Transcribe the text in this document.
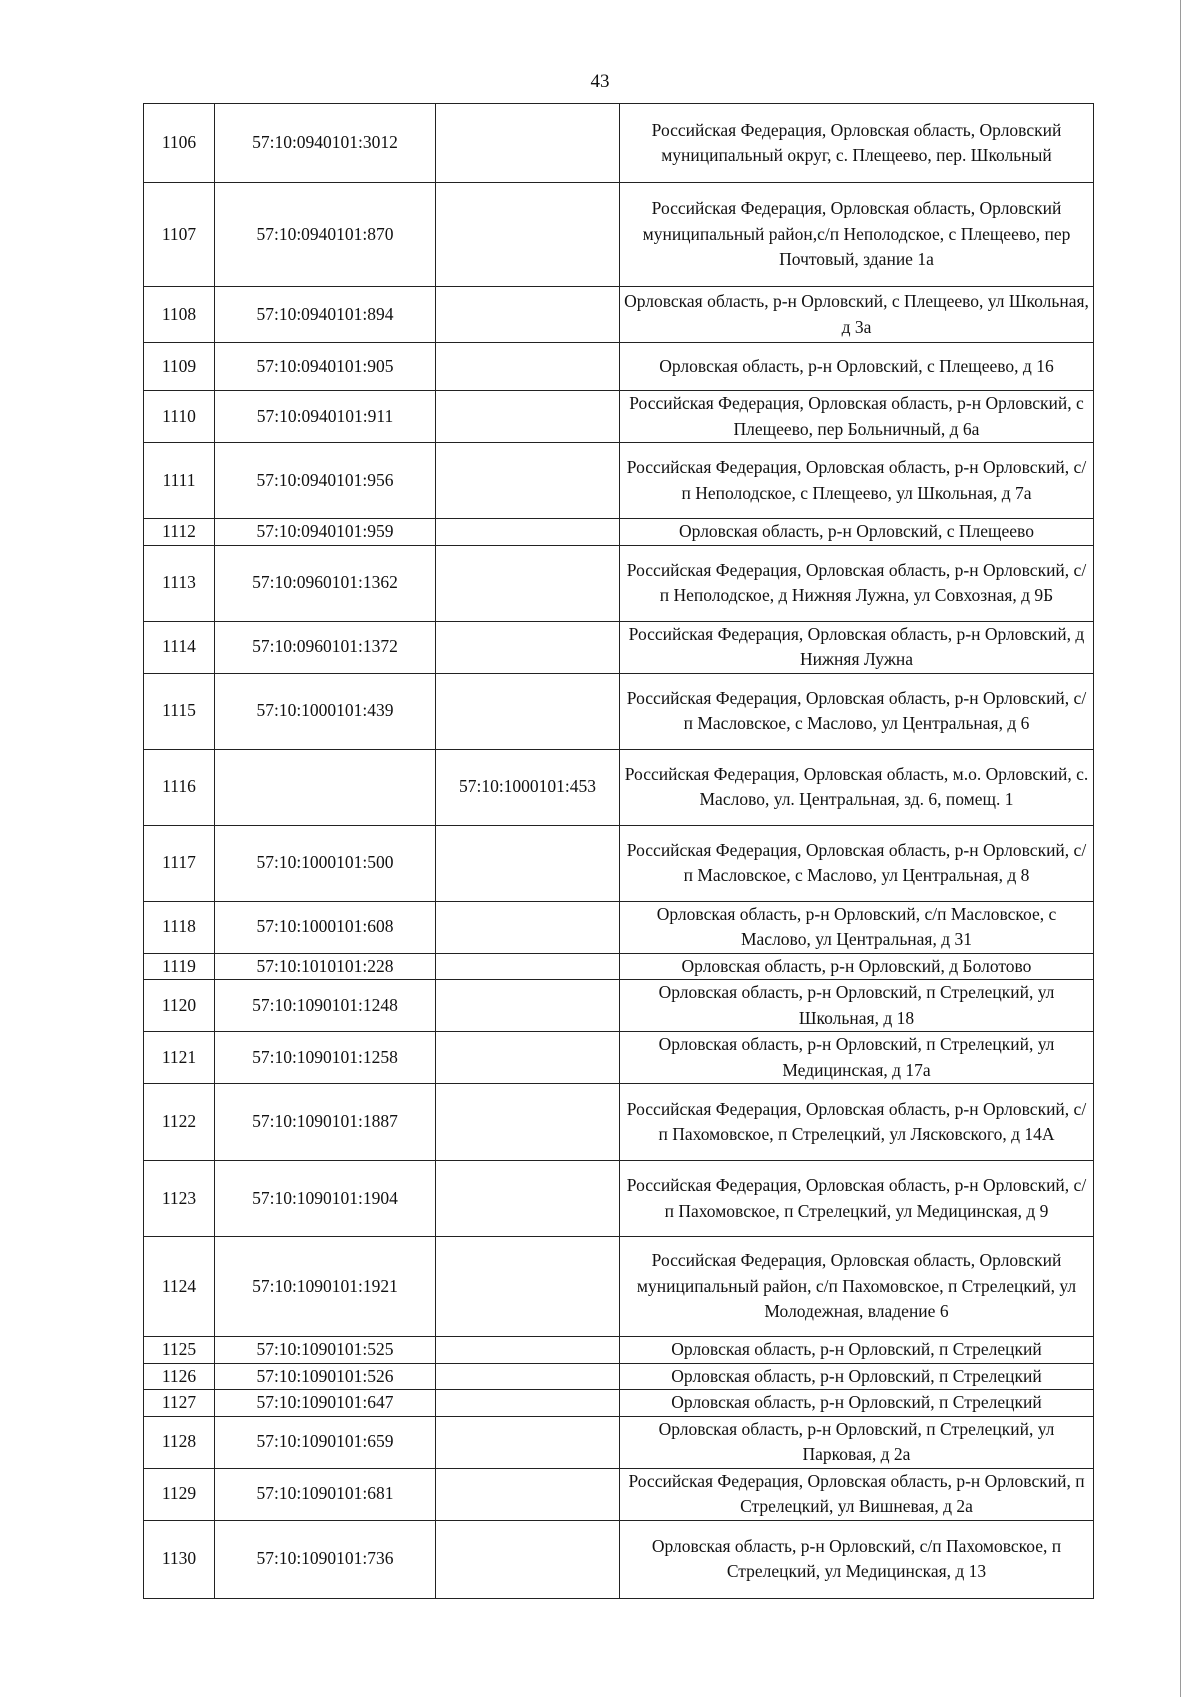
43
1106	57:10:0940101:3012		Российская Федерация, Орловская область, Орловский муниципальный округ, с. Плещеево, пер. Школьный
1107	57:10:0940101:870		Российская Федерация, Орловская область, Орловский муниципальный район,с/п Неполодское, с Плещеево, пер Почтовый, здание 1а
1108	57:10:0940101:894		Орловская область, р-н Орловский, с Плещеево, ул Школьная, д 3а
1109	57:10:0940101:905		Орловская область, р-н Орловский, с Плещеево, д 16
1110	57:10:0940101:911		Российская Федерация, Орловская область, р-н Орловский, с Плещеево, пер Больничный, д 6а
1111	57:10:0940101:956		Российская Федерация, Орловская область, р-н Орловский, с/п Неполодское, с Плещеево, ул Школьная, д 7а
1112	57:10:0940101:959		Орловская область, р-н Орловский, с Плещеево
1113	57:10:0960101:1362		Российская Федерация, Орловская область, р-н Орловский, с/п Неполодское, д Нижняя Лужна, ул Совхозная, д 9Б
1114	57:10:0960101:1372		Российская Федерация, Орловская область, р-н Орловский, д Нижняя Лужна
1115	57:10:1000101:439		Российская Федерация, Орловская область, р-н Орловский, с/п Масловское, с Маслово, ул Центральная, д 6
1116		57:10:1000101:453	Российская Федерация, Орловская область, м.о. Орловский, с. Маслово, ул. Центральная, зд. 6, помещ. 1
1117	57:10:1000101:500		Российская Федерация, Орловская область, р-н Орловский, с/п Масловское, с Маслово, ул Центральная, д 8
1118	57:10:1000101:608		Орловская область, р-н Орловский, с/п Масловское, с Маслово, ул Центральная, д 31
1119	57:10:1010101:228		Орловская область, р-н Орловский, д Болотово
1120	57:10:1090101:1248		Орловская область, р-н Орловский, п Стрелецкий, ул Школьная, д 18
1121	57:10:1090101:1258		Орловская область, р-н Орловский, п Стрелецкий, ул Медицинская, д 17а
1122	57:10:1090101:1887		Российская Федерация, Орловская область, р-н Орловский, с/п Пахомовское, п Стрелецкий, ул Лясковского, д 14А
1123	57:10:1090101:1904		Российская Федерация, Орловская область, р-н Орловский, с/п Пахомовское, п Стрелецкий, ул Медицинская, д 9
1124	57:10:1090101:1921		Российская Федерация, Орловская область, Орловский муниципальный район, с/п Пахомовское, п Стрелецкий, ул Молодежная, владение 6
1125	57:10:1090101:525		Орловская область, р-н Орловский, п Стрелецкий
1126	57:10:1090101:526		Орловская область, р-н Орловский, п Стрелецкий
1127	57:10:1090101:647		Орловская область, р-н Орловский, п Стрелецкий
1128	57:10:1090101:659		Орловская область, р-н Орловский, п Стрелецкий, ул Парковая, д 2а
1129	57:10:1090101:681		Российская Федерация, Орловская область, р-н Орловский, п Стрелецкий, ул Вишневая, д 2а
1130	57:10:1090101:736		Орловская область, р-н Орловский, с/п Пахомовское, п Стрелецкий, ул Медицинская, д 13
